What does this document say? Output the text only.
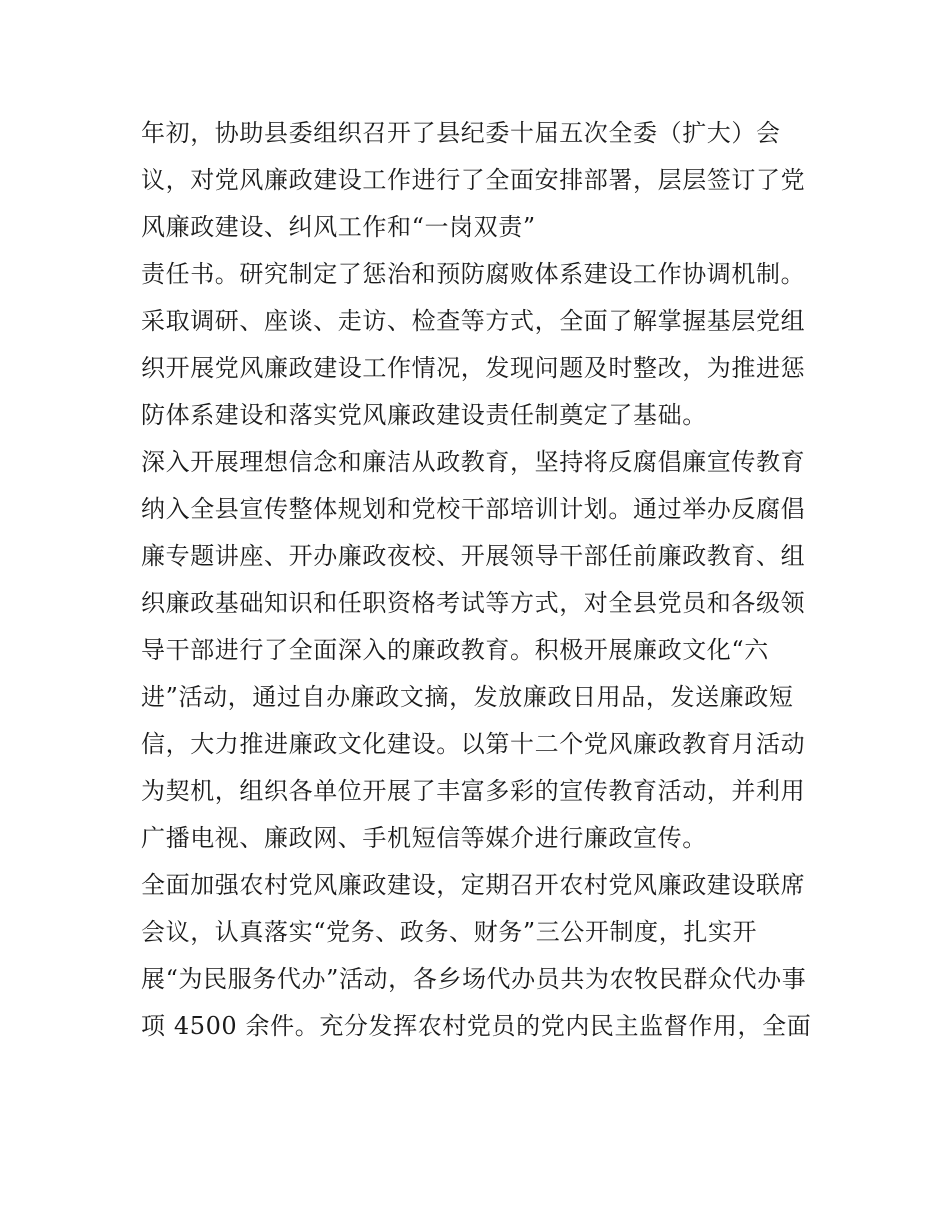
年初，协助县委组织召开了县纪委十届五次全委（扩大）会
议，对党风廉政建设工作进行了全面安排部署，层层签订了党
风廉政建设、纠风工作和“一岗双责”
责任书。研究制定了惩治和预防腐败体系建设工作协调机制。
采取调研、座谈、走访、检查等方式，全面了解掌握基层党组
织开展党风廉政建设工作情况，发现问题及时整改，为推进惩
防体系建设和落实党风廉政建设责任制奠定了基础。
深入开展理想信念和廉洁从政教育，坚持将反腐倡廉宣传教育
纳入全县宣传整体规划和党校干部培训计划。通过举办反腐倡
廉专题讲座、开办廉政夜校、开展领导干部任前廉政教育、组
织廉政基础知识和任职资格考试等方式，对全县党员和各级领
导干部进行了全面深入的廉政教育。积极开展廉政文化“六
进”活动，通过自办廉政文摘，发放廉政日用品，发送廉政短
信，大力推进廉政文化建设。以第十二个党风廉政教育月活动
为契机，组织各单位开展了丰富多彩的宣传教育活动，并利用
广播电视、廉政网、手机短信等媒介进行廉政宣传。
全面加强农村党风廉政建设，定期召开农村党风廉政建设联席
会议，认真落实“党务、政务、财务”三公开制度，扎实开
展“为民服务代办”活动，各乡场代办员共为农牧民群众代办事
项 4500 余件。充分发挥农村党员的党内民主监督作用，全面
